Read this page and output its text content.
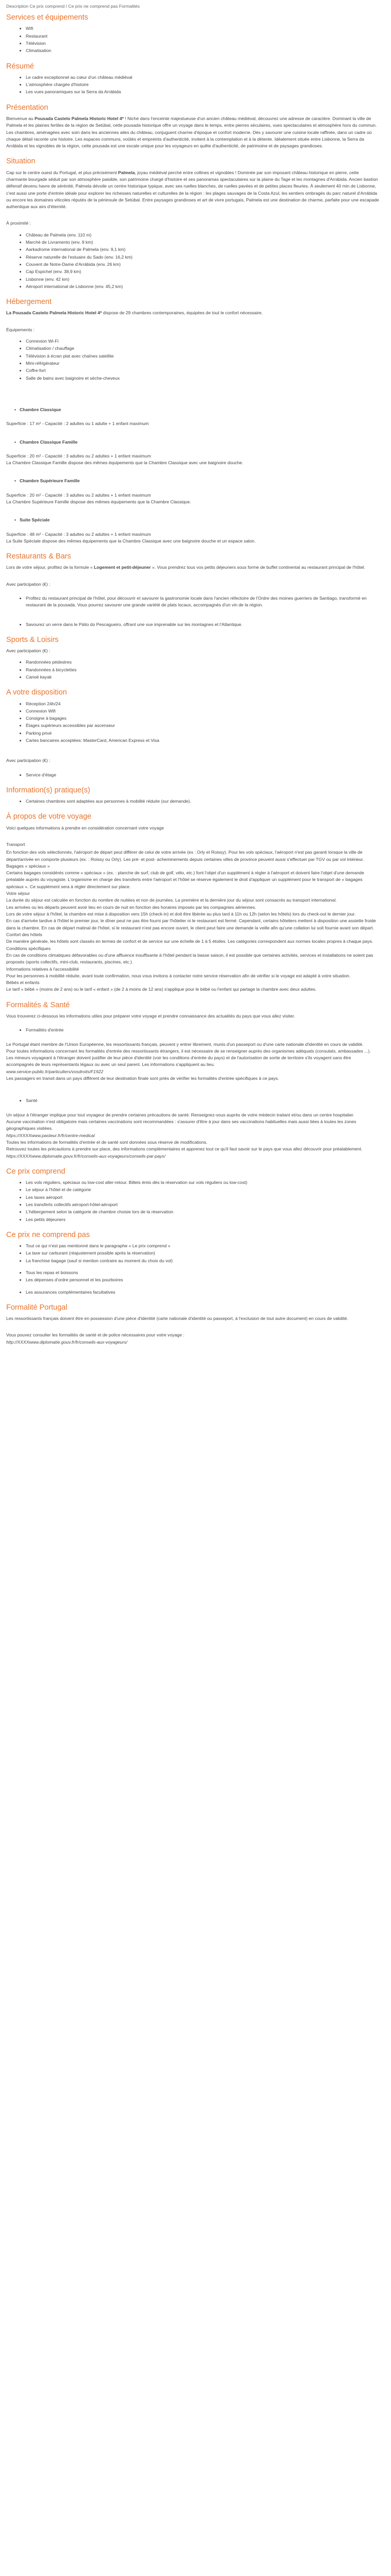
Description Ce prix comprend / Ce prix ne comprend pas Formalités
Services et équipements
• Wifi
• Restaurant
• Télévision
• Climatisation
Résumé
• Le cadre exceptionnel au cœur d'un château médiéval
• L'atmosphère chargée d'histoire
• Les vues panoramiques sur la Serra da Arrábida
Présentation

Bienvenue au Pousada Castelo Palmela Historic Hotel 4* ! Niché dans l'enceinte majestueuse d'un ancien château médiéval, découvrez une adresse de caractère. Dominant la ville de Palmela et les plaines fertiles de la région de Setúbal, cette pousada historique offre un voyage dans le temps, entre pierres séculaires, vues spectaculaires et atmosphère hors du commun. Les chambres, aménagées avec soin dans les anciennes ailes du château, conjuguent charme d'époque et confort moderne. Dès y savourer une cuisine locale raffinée, dans un cadre où chaque détail raconte une histoire. Les espaces communs, voûtés et empreints d'authenticité, invitent à la contemplation et à la détente. Idéalement située entre Lisbonne, la Serra da Arrábida et les vignobles de la région, cette pousada est une escale unique pour les voyageurs en quête d'authenticité, de patrimoine et de paysages grandioses.

Situation

Cap sur le centre ouest du Portugal, et plus précisément Palmela, joyau médiéval perché entre collines et vignobles ! Dominée par son imposant château historique en pierre, cette charmante bourgade séduit par son atmosphère paisible, son patrimoine chargé d'histoire et ses panoramas spectaculaires sur la plaine du Tage et les montagnes d'Arrábida. Ancien bastion défensif devenu havre de sérénité, Palmela dévoile un centre historique typique, avec ses ruelles blanches, de ruelles pavées et de petites places fleuries. À seulement 40 min de Lisbonne, c'est aussi une porte d'entrée idéale pour explorer les richesses naturelles et culturelles de la région : les plages sauvages de la Costa Azul, les sentiers ombragés du parc naturel d'Arrábida ou encore les domaines viticoles réputés de la péninsule de Setúbal. Entre paysages grandioses et art de vivre portugais, Palmela est une destination de charme, parfaite pour une escapade authentique aux airs d'éternité.

À proximité :

• Château de Palmela (env. 110 m)
• Marché de Livramento (env. 9 km)
• Aarkadrome international de Palmela (env. 9,1 km)
• Réserve naturelle de l'estuaire du Sado (env. 16,2 km)
• Couvent de Notre-Dame d'Arrábida (env. 26 km)
• Cap Espichel (env. 38,9 km)
• Lisbonne (env. 42 km)
• Aéroport international de Lisbonne (env. 45,2 km)
Hébergement

La Pousada Castelo Palmela Historic Hotel 4* dispose de 29 chambres contemporaines, équipées de tout le confort nécessaire.

Équipements :

• Connexion Wi-Fi
• Climatisation / chauffage
• Télévision à écran plat avec chaînes satellite
• Mini-réfrigérateur
• Coffre-fort
• Salle de bains avec baignoire et sèche-cheveux
• Chambre Classique

Superficie : 17 m² - Capacité : 2 adultes ou 1 adulte + 1 enfant maximum

• Chambre Classique Famille

Superficie : 20 m² - Capacité : 3 adultes ou 2 adultes + 1 enfant maximum

La Chambre Classique Famille dispose des mêmes équipements que la Chambre Classique avec une baignoire douche.

• Chambre Supérieure Famille

Superficie : 20 m² - Capacité : 3 adultes ou 2 adultes + 1 enfant maximum

La Chambre Supérieure Famille dispose des mêmes équipements que la Chambre Classique.

• Suite Spéciale

Superficie : 48 m² - Capacité : 3 adultes ou 2 adultes + 1 enfant maximum

La Suite Spéciale dispose des mêmes équipements que la Chambre Classique avec une baignoire douche et un espace salon.

Restaurants & Bars

Lors de votre séjour, profitez de la formule « Logement et petit-déjeuner ». Vous prendrez tous vos petits déjeuners sous forme de buffet continental au restaurant principal de l'hôtel.

Avec participation (€) :

• Profitez du restaurant principal de l'hôtel, pour découvrir et savourer la gastronomie locale dans l'ancien réfectoire de l'Ordre des moines guerriers de Santiago, transformé en restaurant de la pousada. Vous pourrez savourer une grande variété de plats locaux, accompagnés d'un vin de la région.
• Savourez un verre dans le Pátio do Pescagueiro, offrant une vue imprenable sur les montagnes et l'Atlantique.
Sports & Loisirs

Avec participation (€) :

• Randonnées pédestres
• Randonnées à bicyclettes
• Canoë kayak
A votre disposition
• Réception 24h/24
• Connexion Wifi
• Consigne à bagages
• Étages supérieurs accessibles par ascenseur
• Parking privé
• Cartes bancaires acceptées: MasterCard, American Express et Visa

Avec participation (€) :

• Service d'étage
Information(s) pratique(s)
• Certaines chambres sont adaptées aux personnes à mobilité réduite (sur demande).
À propos de votre voyage

Voici quelques informations à prendre en considération concernant votre voyage

Transport

En fonction des vols sélectionnés, l'aéroport de départ peut différer de celui de votre arrivée (ex : Orly et Roissy). Pour les vols spéciaux, l'aéroport n'est pas garanti lorsque la ville de départ/arrivée en comporte plusieurs (ex. : Roissy ou Orly). Les pré- et post- acheminements depuis certaines villes de province peuvent aussi s'effectuer par TGV ou par vol intérieur.
Bagages « spéciaux »
Certains bagages considérés comme « spéciaux » (ex. : planche de surf, club de golf, vélo, etc.) font l'objet d'un supplément à régler à l'aéroport et doivent faire l'objet d'une demande préalable auprès du voyagiste. L'organisme en charge des transferts entre l'aéroport et l'hôtel se réserve également le droit d'appliquer un supplément pour le transport de « bagages spéciaux ». Ce supplément sera à régler directement sur place.
Votre séjour
La durée du séjour est calculée en fonction du nombre de nuitées et non de journées. La première et la dernière jour du séjour sont consacrés au transport international.
Les arrivées ou les départs peuvent avoir lieu en cours de nuit en fonction des horaires imposés par les compagnies aériennes.
Lors de votre séjour à l'hôtel, la chambre est mise à disposition vers 15h (check-in) et doit être libérée au plus tard à 11h ou 12h (selon les hôtels) lors du check-out le dernier jour.
En cas d'arrivée tardive à l'hôtel le premier jour, le dîner peut ne pas être fourni par l'hôtelier ni le restaurant est fermé. Cependant, certains hôteliers mettent à disposition une assiette froide dans la chambre. En cas de départ matinal de l'hôtel, si le restaurant n'est pas encore ouvert, le client peut faire une demande la veille afin qu'une collation lui soit fournie avant son départ.
Confort des hôtels
De manière générale, les hôtels sont classés en termes de confort et de service sur une échelle de 1 à 5 étoiles. Les catégories correspondent aux normes locales propres à chaque pays.
Conditions spécifiques
En cas de conditions climatiques défavorables ou d'une affluence insuffisante à l'hôtel pendant la basse saison, il est possible que certaines activités, services et installations ne soient pas proposés (sports collectifs, mini-club, restaurants, piscines, etc.).
Informations relatives à l'accessibilité
Pour les personnes à mobilité réduite, avant toute confirmation, nous vous invitons à contacter notre service réservation afin de vérifier si le voyage est adapté à votre situation.
Bébés et enfants
Le tarif « bébé » (moins de 2 ans) ou le tarif « enfant » (de 2 à moins de 12 ans) s'applique pour le bébé ou l'enfant qui partage la chambre avec deux adultes.
Formalités & Santé

Vous trouverez ci-dessous les informations utiles pour préparer votre voyage et prendre connaissance des actualités du pays que vous allez visiter.

• Formalités d'entrée
Le Portugal étant membre de l'Union Européenne, les ressortissants français, peuvent y entrer librement, munis d'un passeport ou d'une carte nationale d'identité en cours de validité.
Pour toutes informations concernant les formalités d'entrée des ressortissants étrangers, il est nécessaire de se renseigner auprès des organismes adéquats (consulats, ambassades ...).
Les mineurs voyageant à l'étranger doivent justifier de leur pièce d'identité (voir les conditions d'entrée du pays) et de l'autorisation de sortie de territoire s'ils voyagent sans être accompagnés de leurs représentants légaux ou avec un seul parent. Les informations s'appliquent au lieu.
www.service-public.fr/particuliers/vosdroits/F1922
Les passagers en transit dans un pays différent de leur destination finale sont priés de vérifier les formalités d'entrée spécifiques à ce pays.
• Santé
Un séjour à l'étranger implique pour tout voyageur de prendre certaines précautions de santé. Renseignez-vous auprès de votre médecin traitant et/ou dans un centre hospitalier.
Aucune vaccination n'est obligatoire mais certaines vaccinations sont recommandées : s'assurer d'être à jour dans ses vaccinations habituelles mais aussi liées à toutes les zones géographiques visitées.
https://XXXXwww.pasteur.fr/fr/centre-medical
Toutes les informations de formalités d'entrée et de santé sont données sous réserve de modifications.
Retrouvez toutes les précautions à prendre sur place, des informations complémentaires et apprenez tout ce qu'il faut savoir sur le pays que vous allez découvrir pour préalablement.
https://XXXXwww.diplomatie.gouv.fr/fr/conseils-aux-voyageurs/conseils-par-pays/
Ce prix comprend
• Les vols réguliers, spéciaux ou low-cost aller-retour. Billets émis dès la réservation sur vols réguliers ou low-cost)
• Le séjour à l'hôtel et de catégorie
• Les taxes aéroport
• Les transferts collectifs aéroport-hôtel-aéroport
• L'hébergement selon la catégorie de chambre choisie lors de la réservation
• Les petits déjeuners
Ce prix ne comprend pas
• Tout ce qui n'est pas mentionné dans le paragraphe « Le prix comprend »
• La taxe sur carburant (réajustement possible après la réservation)
• La franchise bagage (sauf si mention contraire au moment du choix du vol)
• Tous les repas et boissons
• Les dépenses d'ordre personnel et les pourboires
• Les assurances complémentaires facultatives
Formalité Portugal

Les ressortissants français doivent être en possession d'une pièce d'identité (carte nationale d'identité ou passeport, à l'exclusion de tout autre document) en cours de validité.

Vous pouvez consulter les formalités de santé et de police nécessaires pour votre voyage :
http://XXXXwww.diplomatie.gouv.fr/fr/conseils-aux-voyageurs/
